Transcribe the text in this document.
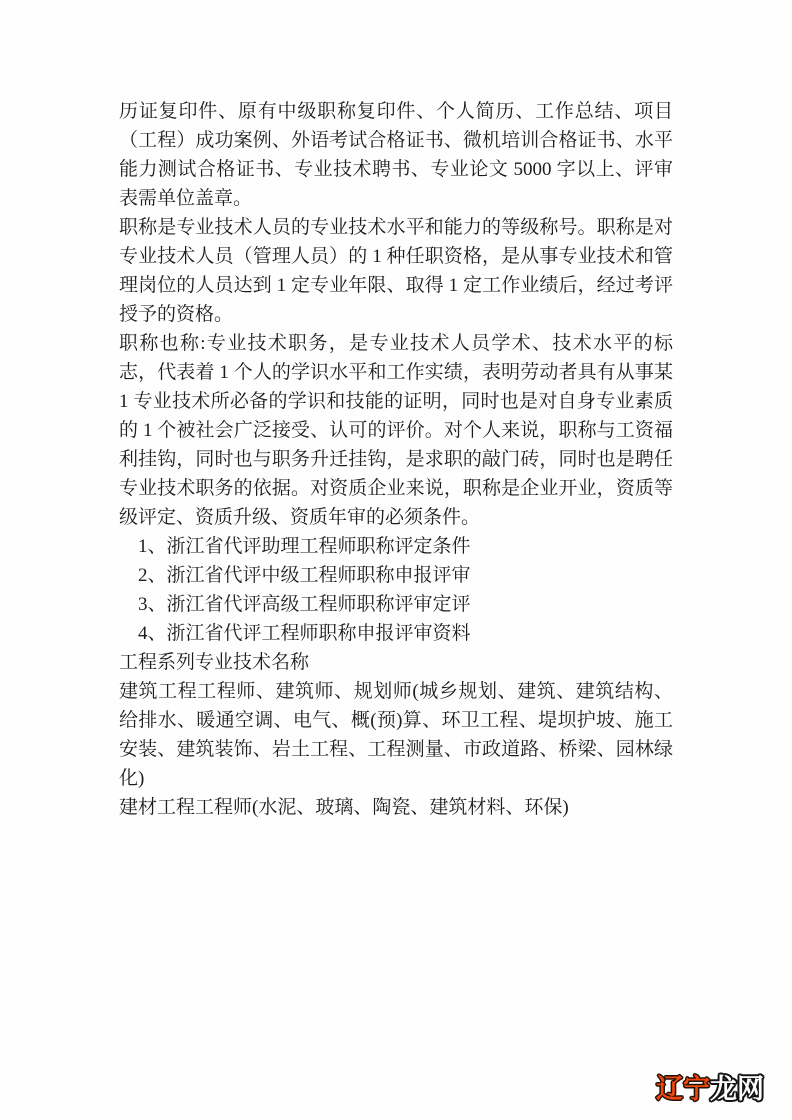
历证复印件、原有中级职称复印件、个人简历、工作总结、项目（工程）成功案例、外语考试合格证书、微机培训合格证书、水平能力测试合格证书、专业技术聘书、专业论文 5000 字以上、评审表需单位盖章。

职称是专业技术人员的专业技术水平和能力的等级称号。职称是对专业技术人员（管理人员）的 1 种任职资格，是从事专业技术和管理岗位的人员达到 1 定专业年限、取得 1 定工作业绩后，经过考评授予的资格。

职称也称:专业技术职务，是专业技术人员学术、技术水平的标志，代表着 1 个人的学识水平和工作实绩，表明劳动者具有从事某 1 专业技术所必备的学识和技能的证明，同时也是对自身专业素质的 1 个被社会广泛接受、认可的评价。对个人来说，职称与工资福利挂钩，同时也与职务升迁挂钩，是求职的敲门砖，同时也是聘任专业技术职务的依据。对资质企业来说，职称是企业开业，资质等级评定、资质升级、资质年审的必须条件。

1、浙江省代评助理工程师职称评定条件

2、浙江省代评中级工程师职称申报评审

3、浙江省代评高级工程师职称评审定评

4、浙江省代评工程师职称申报评审资料

工程系列专业技术名称

建筑工程工程师、建筑师、规划师(城乡规划、建筑、建筑结构、给排水、暖通空调、电气、概(预)算、环卫工程、堤坝护坡、施工安装、建筑装饰、岩土工程、工程测量、市政道路、桥梁、园林绿化)

建材工程工程师(水泥、玻璃、陶瓷、建筑材料、环保)

辽宁龙网
